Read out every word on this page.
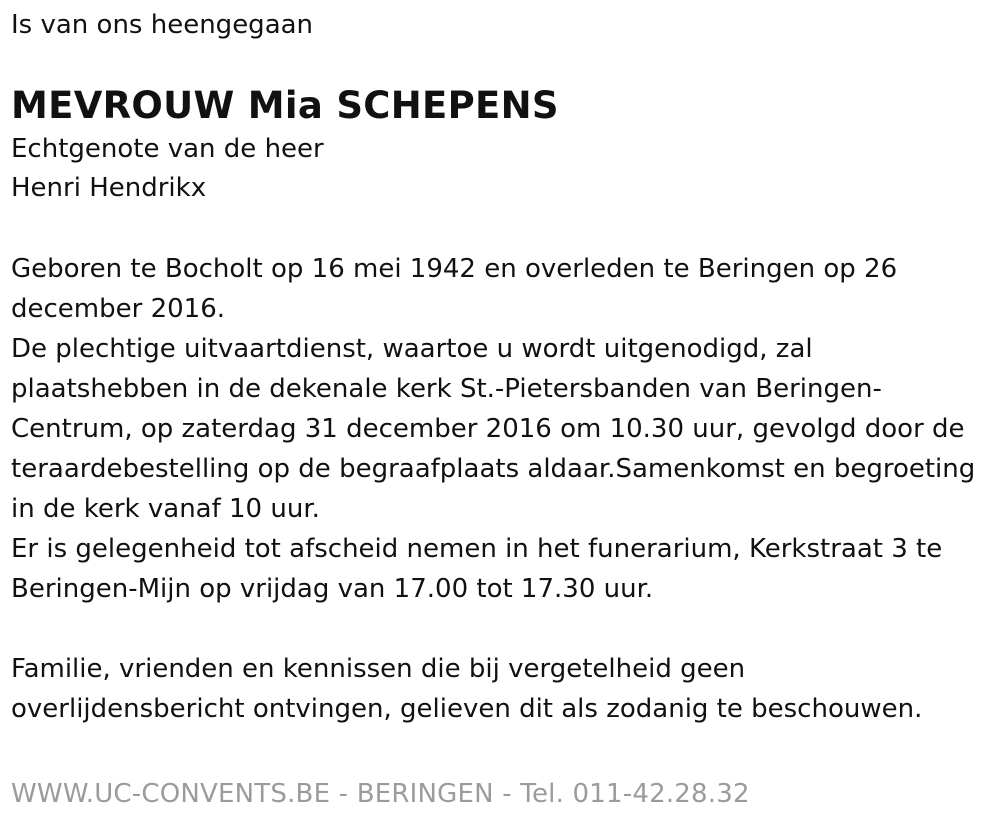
Is van ons heengegaan

MEVROUW Mia SCHEPENS
Echtgenote van de heer
Henri Hendrikx

Geboren te Bocholt op 16 mei 1942 en overleden te Beringen op 26 december 2016.

De plechtige uitvaartdienst, waartoe u wordt uitgenodigd, zal plaatshebben in de dekenale kerk St.-Pietersbanden van Beringen-Centrum, op zaterdag 31 december 2016 om 10.30 uur, gevolgd door de teraardebestelling op de begraafplaats aldaar.Samenkomst en begroeting in de kerk vanaf 10 uur.

Er is gelegenheid tot afscheid nemen in het funerarium, Kerkstraat 3 te Beringen-Mijn op vrijdag van 17.00 tot 17.30 uur.

Familie, vrienden en kennissen die bij vergetelheid geen overlijdensbericht ontvingen, gelieven dit als zodanig te beschouwen.

WWW.UC-CONVENTS.BE - BERINGEN - Tel. 011-42.28.32
